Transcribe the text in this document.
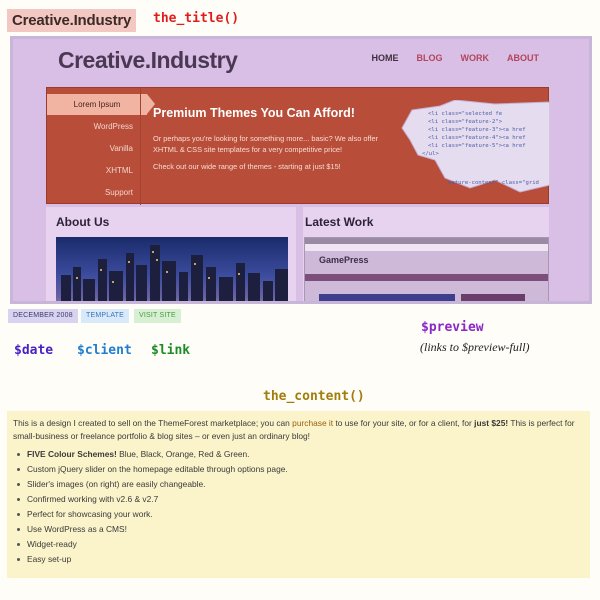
Creative.Industry	the_title()
Creative.Industry	HOME BLOG WORK ABOUT
Lorem Ipsum
WordPress
Vanilla
XHTML
Support
Premium Themes You Can Afford!
Or perhaps you're looking for something more... basic? We also offer XHTML & CSS site templates for a very competitive price!
Check out our wide range of themes - starting at just $15!
<li class="selected fe
<li class="feature-2">
<li class="feature-3"><a href
<li class="feature-4"><a href
<li class="feature-5"><a href
</ul>
eature-content" class="grid
About Us	Latest Work
GamePress
DECEMBER 2008	TEMPLATE	VISIT SITE
$date $client $link
$preview
(links to $preview-full)
the_content()

This is a design I created to sell on the ThemeForest marketplace; you can purchase it to use for your site, or for a client, for just $25! This is perfect for small-business or freelance portfolio & blog sites – or even just an ordinary blog!

FIVE Colour Schemes! Blue, Black, Orange, Red & Green.
Custom jQuery slider on the homepage editable through options page.
Slider's images (on right) are easily changeable.
Confirmed working with v2.6 & v2.7
Perfect for showcasing your work.
Use WordPress as a CMS!
Widget-ready
Easy set-up
